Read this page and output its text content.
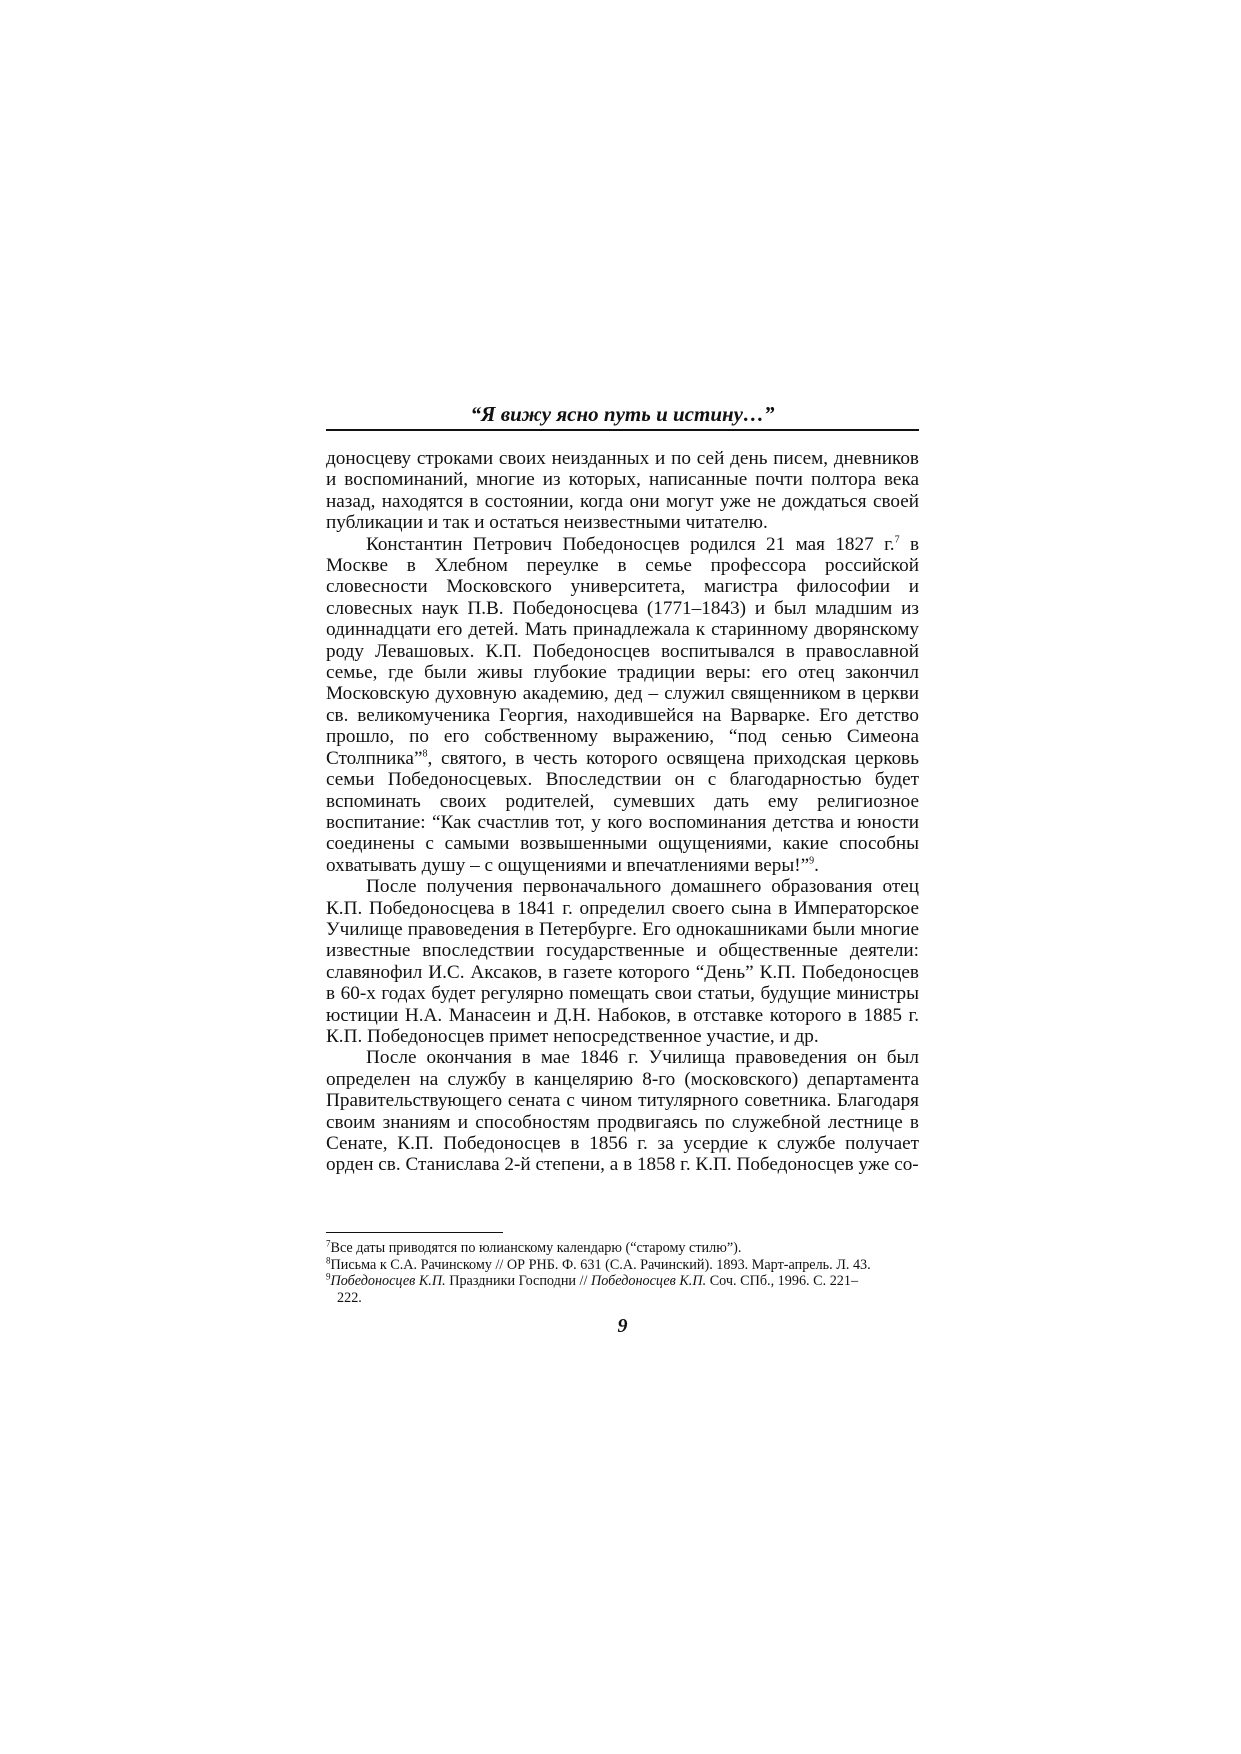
“Я вижу ясно путь и истину…”

доносцеву строками своих неизданных и по сей день писем, дневников и воспоминаний, многие из которых, написанные почти полтора века назад, находятся в состоянии, когда они могут уже не дождаться своей публикации и так и остаться неизвестными читателю.

Константин Петрович Победоносцев родился 21 мая 1827 г.$^7$ в Москве в Хлебном переулке в семье профессора российской словесности Московского университета, магистра философии и словесных наук П.В. Победоносцева (1771–1843) и был младшим из одиннадцати его детей. Мать принадлежала к старинному дворянскому роду Левашовых. К.П. Победоносцев воспитывался в православной семье, где были живы глубокие традиции веры: его отец закончил Московскую духовную академию, дед – служил священником в церкви св. великомученика Георгия, находившейся на Варварке. Его детство прошло, по его собственному выражению, “под сенью Симеона Столпника”$^8$, святого, в честь которого освящена приходская церковь семьи Победоносцевых. Впоследствии он с благодарностью будет вспоминать своих родителей, сумевших дать ему религиозное воспитание: “Как счастлив тот, у кого воспоминания детства и юности соединены с самыми возвышенными ощущениями, какие способны охватывать душу – с ощущениями и впечатлениями веры!”$^9$.

После получения первоначального домашнего образования отец К.П. Победоносцева в 1841 г. определил своего сына в Императорское Училище правоведения в Петербурге. Его однокашниками были многие известные впоследствии государственные и общественные деятели: славянофил И.С. Аксаков, в газете которого “День” К.П. Победоносцев в 60-х годах будет регулярно помещать свои статьи, будущие министры юстиции Н.А. Манасеин и Д.Н. Набоков, в отставке которого в 1885 г. К.П. Победоносцев примет непосредственное участие, и др.

После окончания в мае 1846 г. Училища правоведения он был определен на службу в канцелярию 8-го (московского) департамента Правительствующего сената с чином титулярного советника. Благодаря своим знаниям и способностям продвигаясь по служебной лестнице в Сенате, К.П. Победоносцев в 1856 г. за усердие к службе получает орден св. Станислава 2-й степени, а в 1858 г. К.П. Победоносцев уже со-

$^7$Все даты приводятся по юлианскому календарю (“старому стилю”).
$^8$Письма к С.А. Рачинскому // ОР РНБ. Ф. 631 (С.А. Рачинский). 1893. Март-апрель. Л. 43.
$^9$Победоносцев К.П. Праздники Господни // Победоносцев К.П. Соч. СПб., 1996. С. 221–
222.
9
